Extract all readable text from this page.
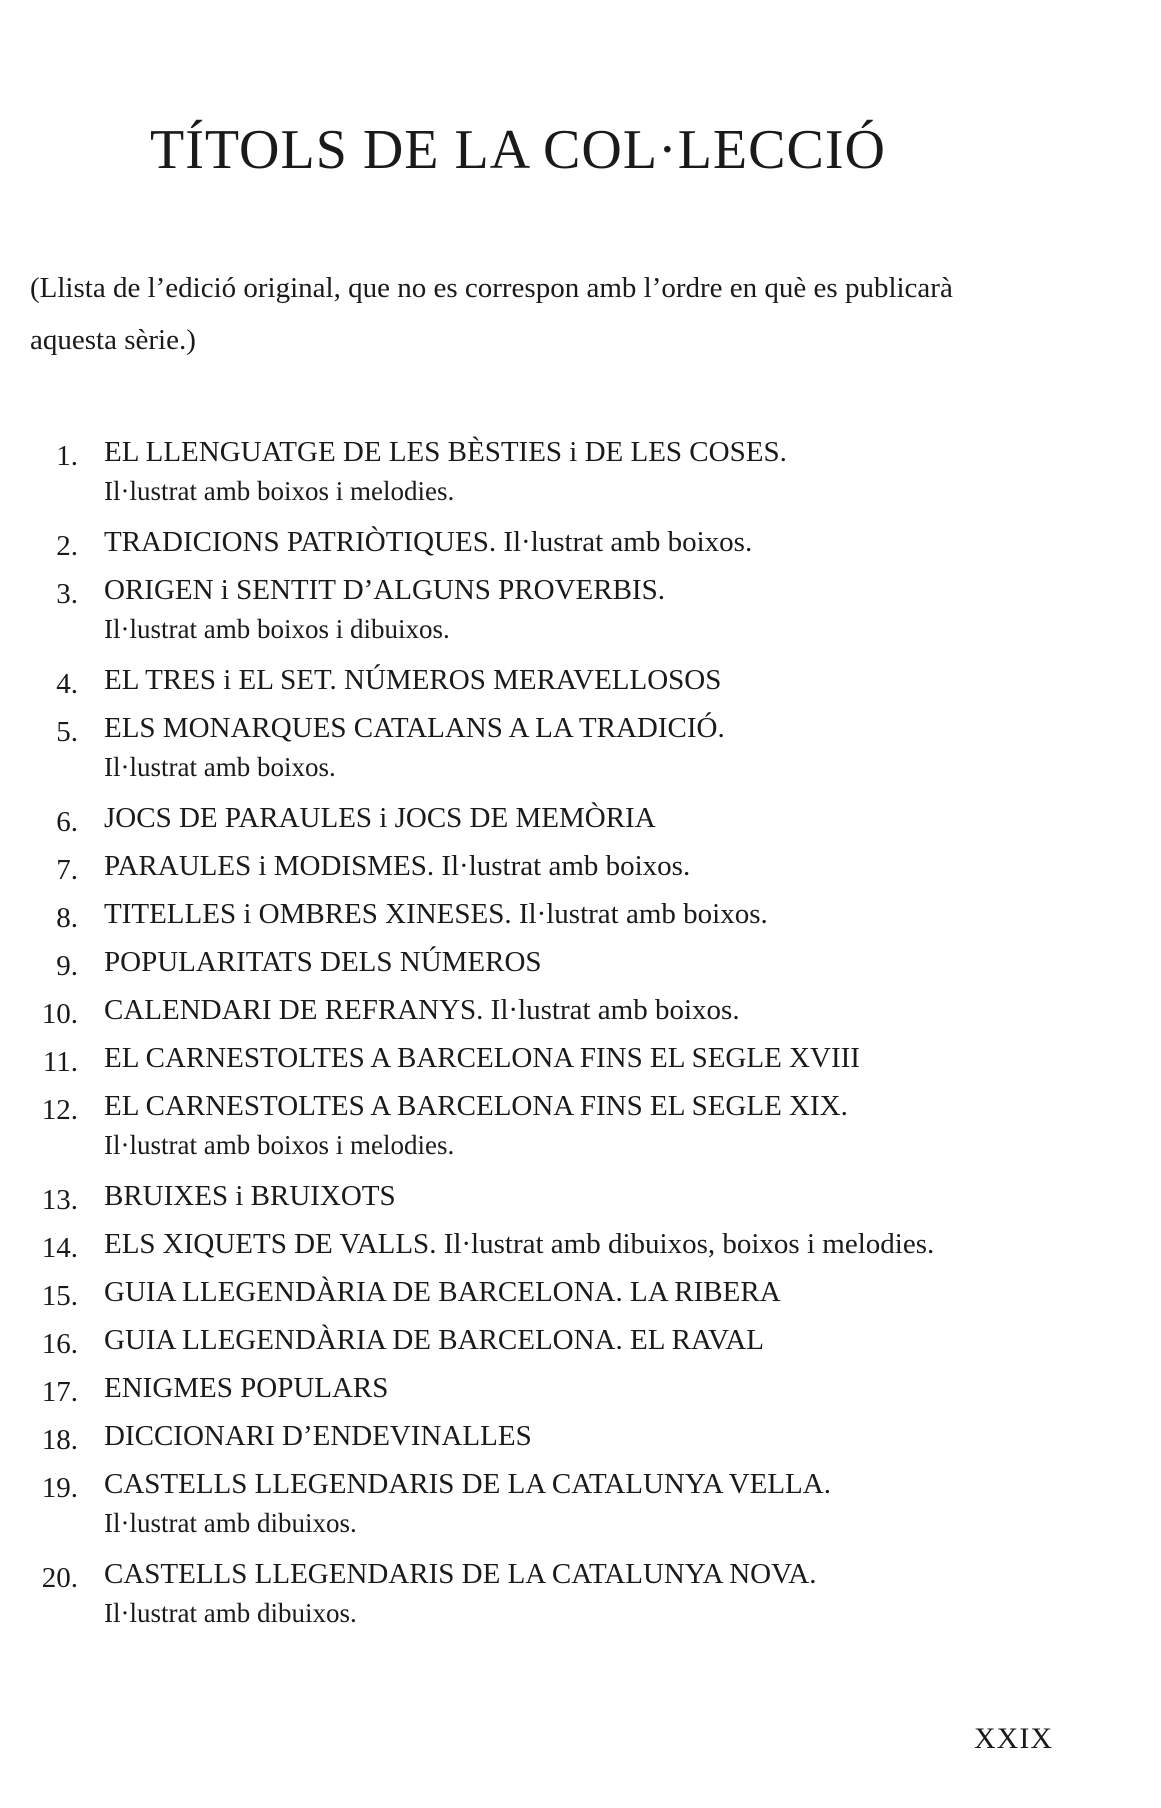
TÍTOLS DE LA COL·LECCIÓ

(Llista de l’edició original, que no es correspon amb l’ordre en què es publicarà aquesta sèrie.)

1. EL LLENGUATGE DE LES BÈSTIES i DE LES COSES.
Il·lustrat amb boixos i melodies.
2. TRADICIONS PATRIÒTIQUES. Il·lustrat amb boixos.
3. ORIGEN i SENTIT D’ALGUNS PROVERBIS.
Il·lustrat amb boixos i dibuixos.
4. EL TRES i EL SET. NÚMEROS MERAVELLOSOS
5. ELS MONARQUES CATALANS A LA TRADICIÓ.
Il·lustrat amb boixos.
6. JOCS DE PARAULES i JOCS DE MEMÒRIA
7. PARAULES i MODISMES. Il·lustrat amb boixos.
8. TITELLES i OMBRES XINESES. Il·lustrat amb boixos.
9. POPULARITATS DELS NÚMEROS
10. CALENDARI DE REFRANYS. Il·lustrat amb boixos.
11. EL CARNESTOLTES A BARCELONA FINS EL SEGLE XVIII
12. EL CARNESTOLTES A BARCELONA FINS EL SEGLE XIX.
Il·lustrat amb boixos i melodies.
13. BRUIXES i BRUIXOTS
14. ELS XIQUETS DE VALLS. Il·lustrat amb dibuixos, boixos i melodies.
15. GUIA LLEGENDÀRIA DE BARCELONA. LA RIBERA
16. GUIA LLEGENDÀRIA DE BARCELONA. EL RAVAL
17. ENIGMES POPULARS
18. DICCIONARI D’ENDEVINALLES
19. CASTELLS LLEGENDARIS DE LA CATALUNYA VELLA.
Il·lustrat amb dibuixos.
20. CASTELLS LLEGENDARIS DE LA CATALUNYA NOVA.
Il·lustrat amb dibuixos.
XXIX
